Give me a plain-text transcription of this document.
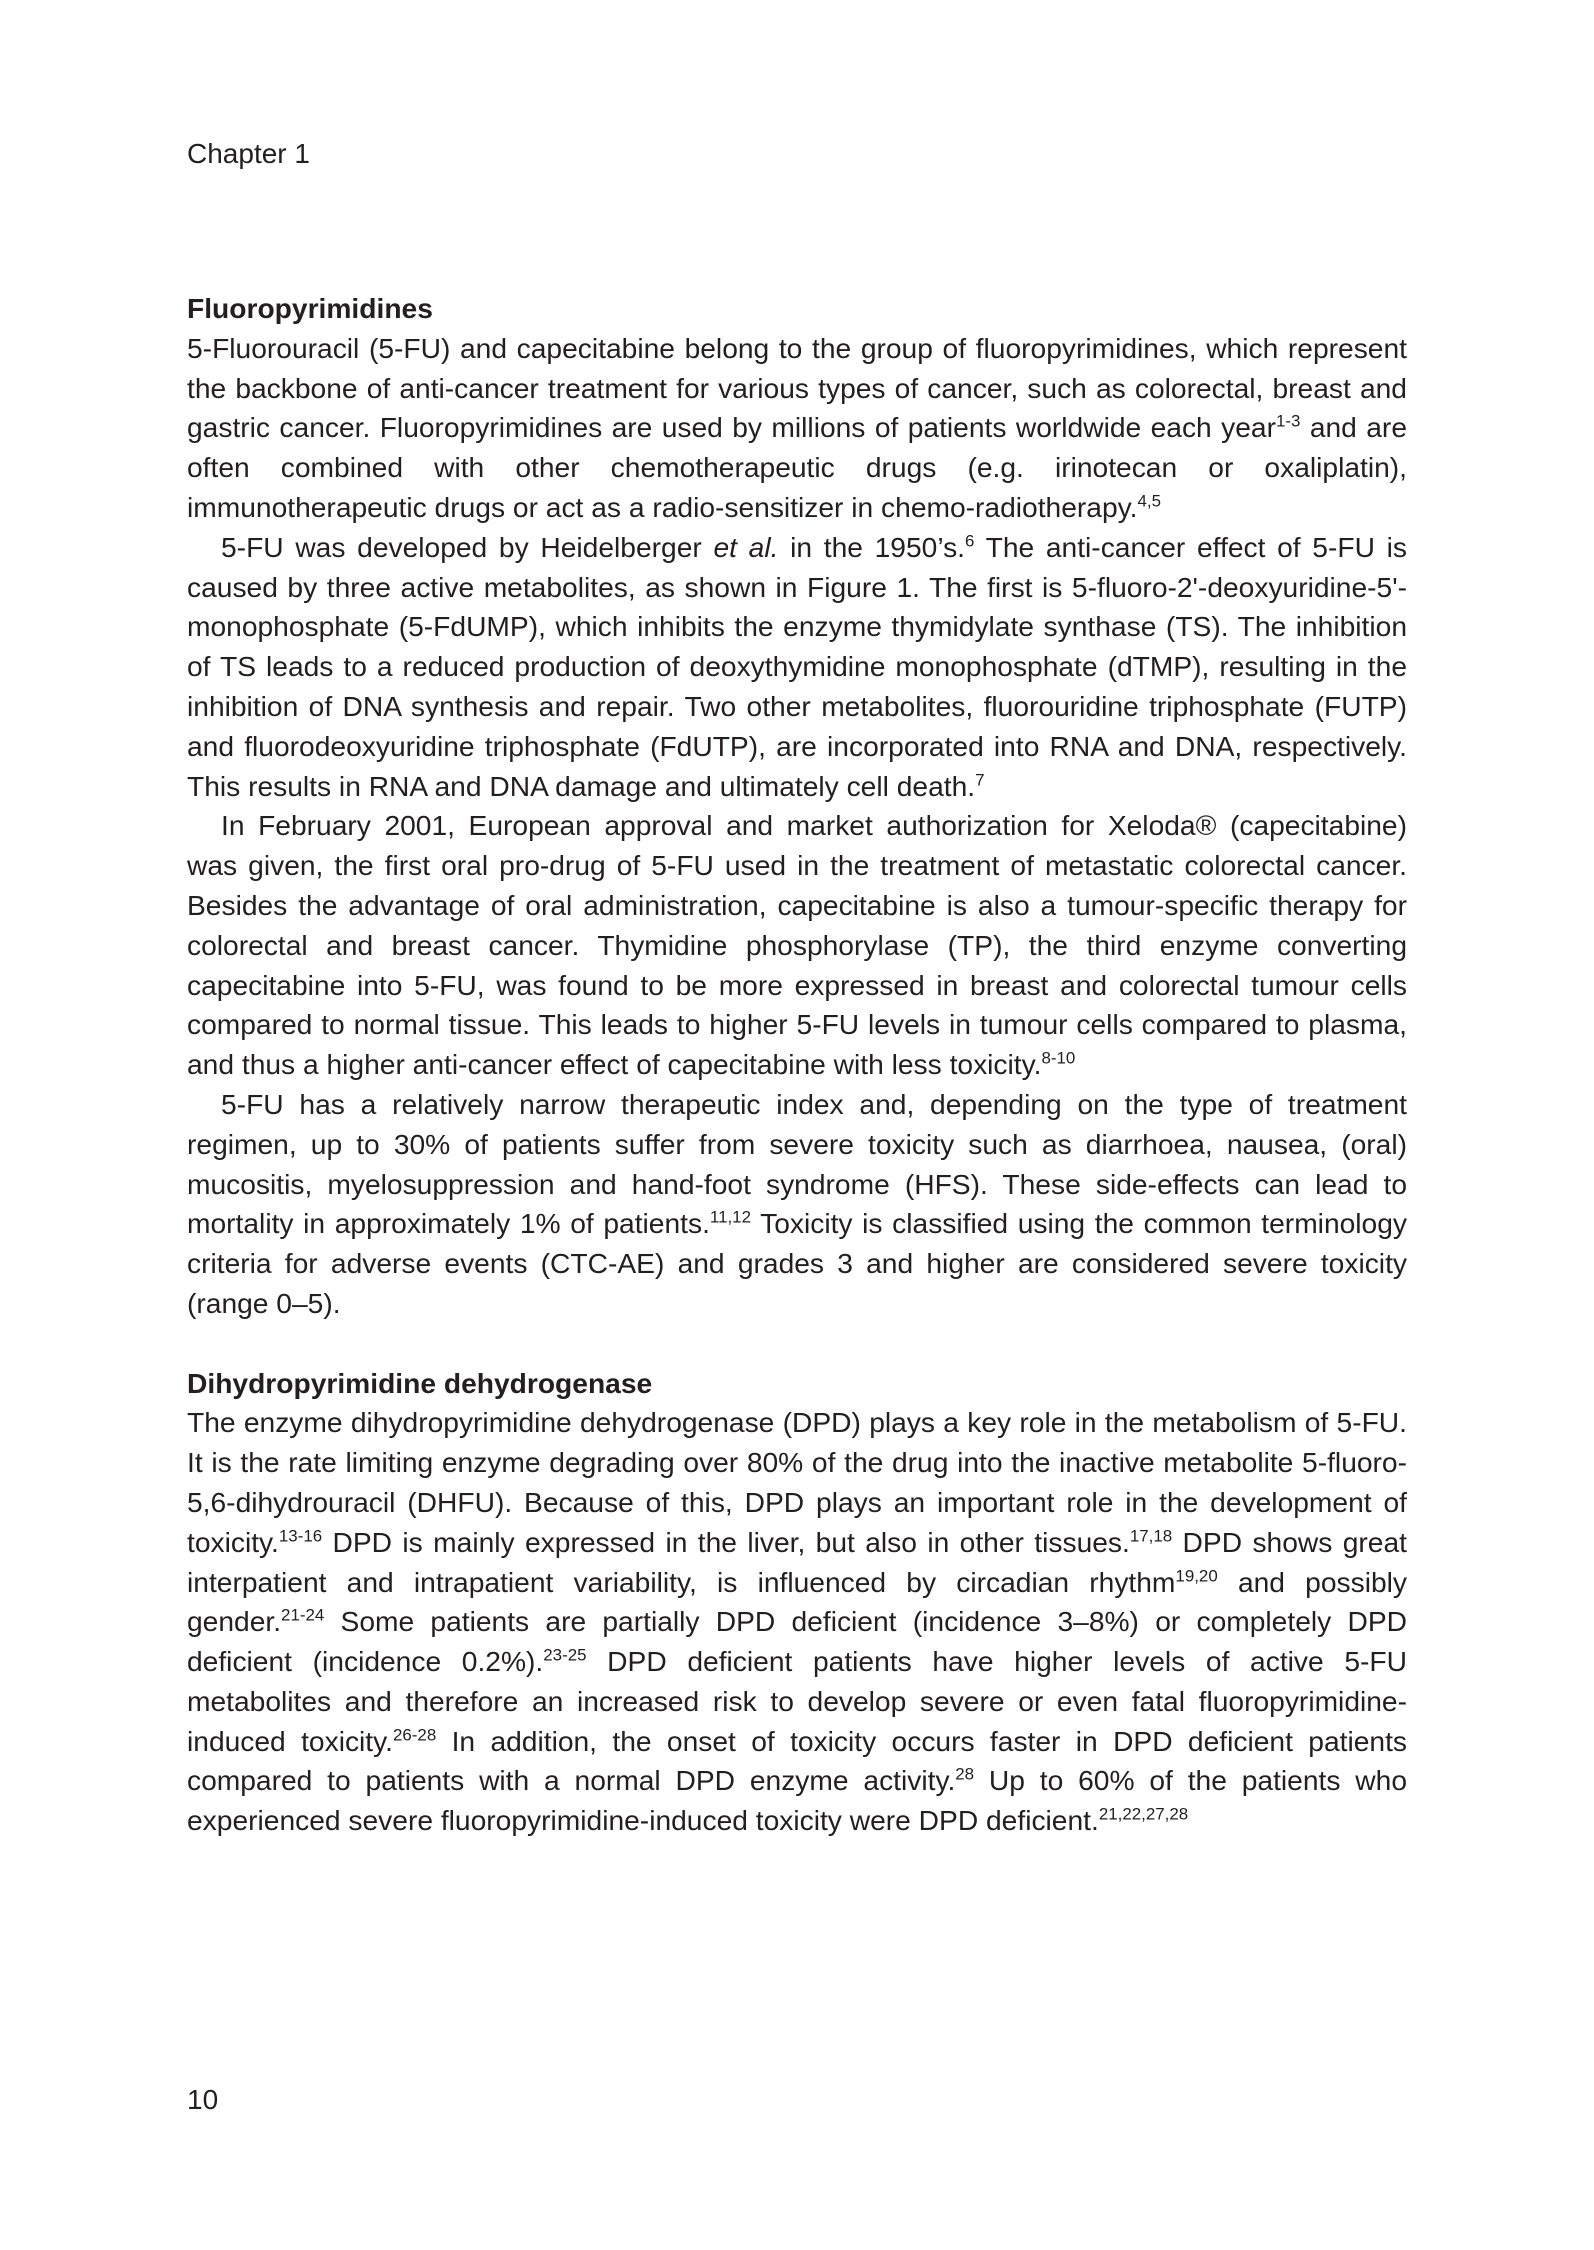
Chapter 1
Fluoropyrimidines

5-Fluorouracil (5-FU) and capecitabine belong to the group of fluoropyrimidines, which represent the backbone of anti-cancer treatment for various types of cancer, such as colorectal, breast and gastric cancer. Fluoropyrimidines are used by millions of patients worldwide each year$^{1-3}$ and are often combined with other chemotherapeutic drugs (e.g. irinotecan or oxaliplatin), immunotherapeutic drugs or act as a radio-sensitizer in chemo-radiotherapy.$^{4,5}$

5-FU was developed by Heidelberger et al. in the 1950’s.$^6$ The anti-cancer effect of 5-FU is caused by three active metabolites, as shown in Figure 1. The first is 5-fluoro-2'-deoxyuridine-5'-monophosphate (5-FdUMP), which inhibits the enzyme thymidylate synthase (TS). The inhibition of TS leads to a reduced production of deoxythymidine monophosphate (dTMP), resulting in the inhibition of DNA synthesis and repair. Two other metabolites, fluorouridine triphosphate (FUTP) and fluorodeoxyuridine triphosphate (FdUTP), are incorporated into RNA and DNA, respectively. This results in RNA and DNA damage and ultimately cell death.$^7$

In February 2001, European approval and market authorization for Xeloda® (capecitabine) was given, the first oral pro-drug of 5-FU used in the treatment of metastatic colorectal cancer. Besides the advantage of oral administration, capecitabine is also a tumour-specific therapy for colorectal and breast cancer. Thymidine phosphorylase (TP), the third enzyme converting capecitabine into 5-FU, was found to be more expressed in breast and colorectal tumour cells compared to normal tissue. This leads to higher 5-FU levels in tumour cells compared to plasma, and thus a higher anti-cancer effect of capecitabine with less toxicity.$^{8-10}$

5-FU has a relatively narrow therapeutic index and, depending on the type of treatment regimen, up to 30% of patients suffer from severe toxicity such as diarrhoea, nausea, (oral) mucositis, myelosuppression and hand-foot syndrome (HFS). These side-effects can lead to mortality in approximately 1% of patients.$^{11,12}$ Toxicity is classified using the common terminology criteria for adverse events (CTC-AE) and grades 3 and higher are considered severe toxicity (range 0–5).

Dihydropyrimidine dehydrogenase

The enzyme dihydropyrimidine dehydrogenase (DPD) plays a key role in the metabolism of 5-FU. It is the rate limiting enzyme degrading over 80% of the drug into the inactive metabolite 5-fluoro-5,6-dihydrouracil (DHFU). Because of this, DPD plays an important role in the development of toxicity.$^{13-16}$ DPD is mainly expressed in the liver, but also in other tissues.$^{17,18}$ DPD shows great interpatient and intrapatient variability, is influenced by circadian rhythm$^{19,20}$ and possibly gender.$^{21-24}$ Some patients are partially DPD deficient (incidence 3–8%) or completely DPD deficient (incidence 0.2%).$^{23-25}$ DPD deficient patients have higher levels of active 5-FU metabolites and therefore an increased risk to develop severe or even fatal fluoropyrimidine-induced toxicity.$^{26-28}$ In addition, the onset of toxicity occurs faster in DPD deficient patients compared to patients with a normal DPD enzyme activity.$^{28}$ Up to 60% of the patients who experienced severe fluoropyrimidine-induced toxicity were DPD deficient.$^{21,22,27,28}$

10
